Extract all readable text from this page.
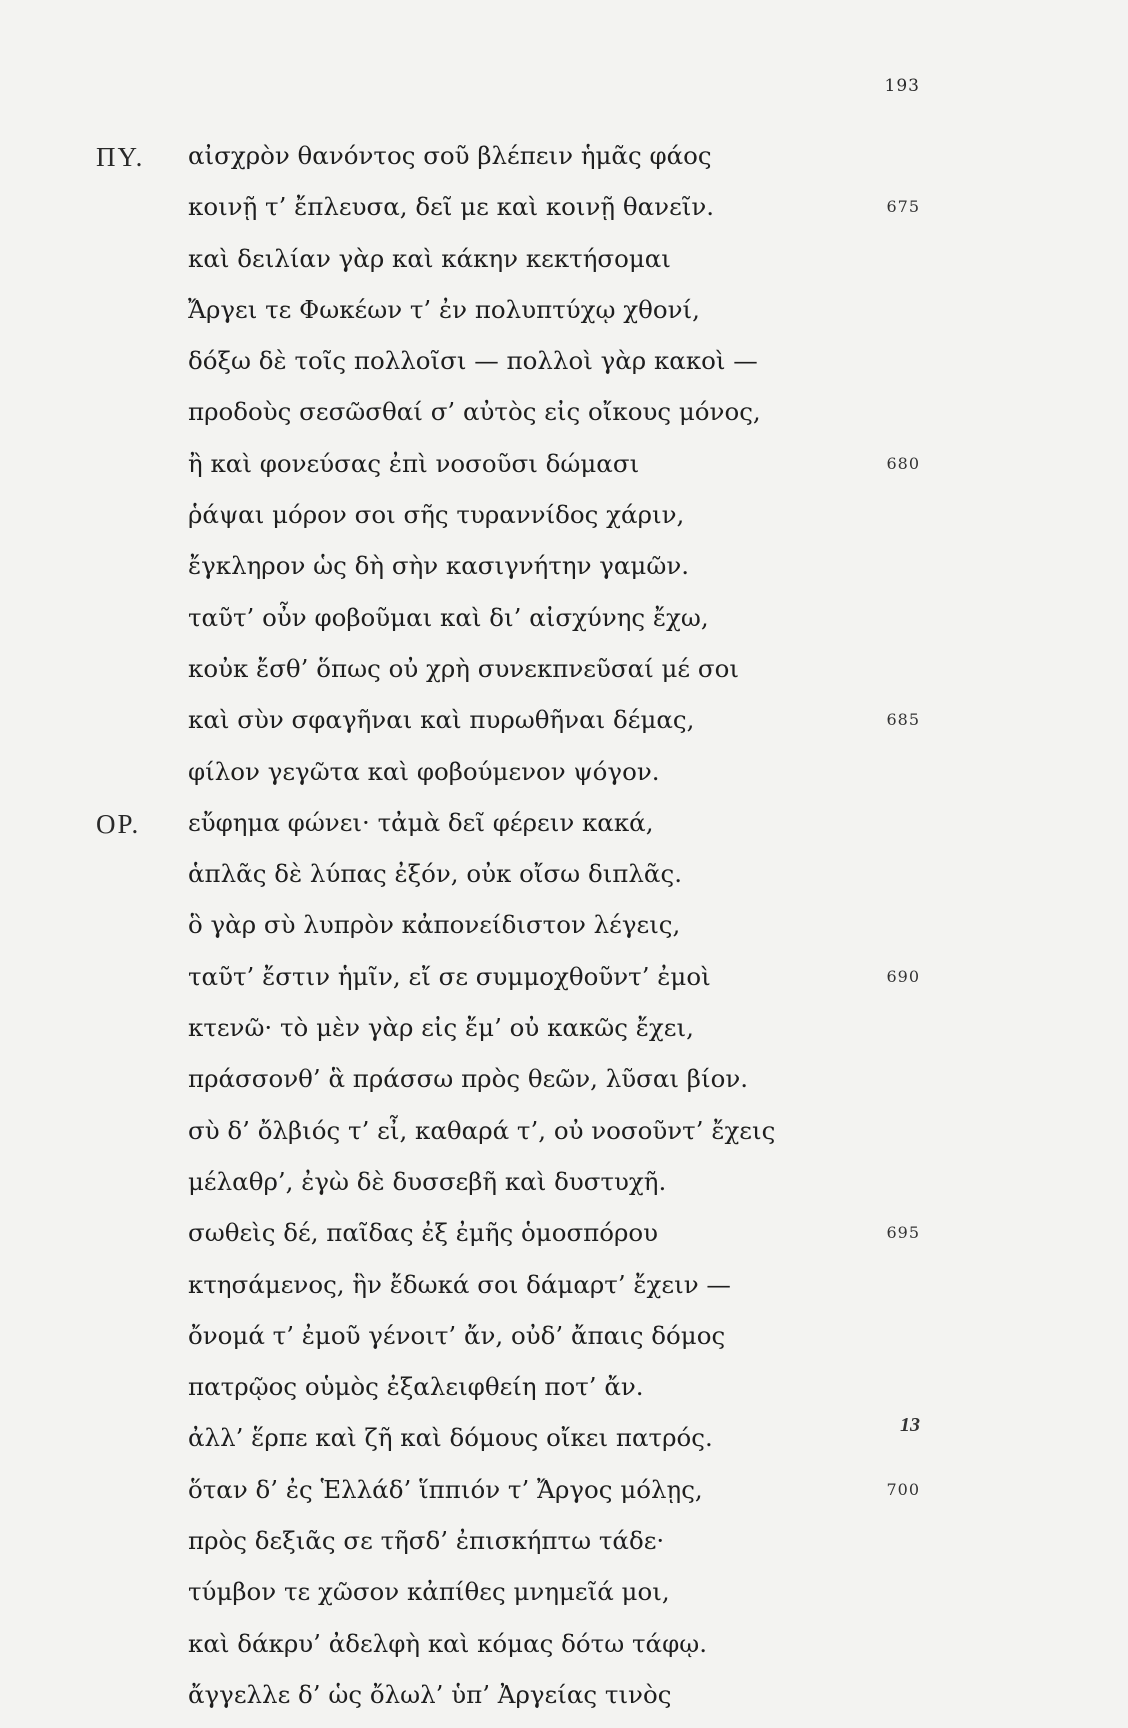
193
ΠΥ. αἰσχρὸν θανόντος σοῦ βλέπειν ἡμᾶς φάος
κοινῇ τ’ ἔπλευσα, δεῖ με καὶ κοινῇ θανεῖν.	675
καὶ δειλίαν γὰρ καὶ κάκην κεκτήσομαι
Ἄργει τε Φωκέων τ’ ἐν πολυπτύχῳ χθονί,
δόξω δὲ τοῖς πολλοῖσι — πολλοὶ γὰρ κακοὶ —
προδοὺς σεσῶσθαί σ’ αὐτὸς εἰς οἴκους μόνος,
ἢ καὶ φονεύσας ἐπὶ νοσοῦσι δώμασι	680
ῥάψαι μόρον σοι σῆς τυραννίδος χάριν,
ἔγκληρον ὡς δὴ σὴν κασιγνήτην γαμῶν.
ταῦτ’ οὖν φοβοῦμαι καὶ δι’ αἰσχύνης ἔχω,
κοὐκ ἔσθ’ ὅπως οὐ χρὴ συνεκπνεῦσαί μέ σοι
καὶ σὺν σφαγῆναι καὶ πυρωθῆναι δέμας,	685
φίλον γεγῶτα καὶ φοβούμενον ψόγον.
ΟΡ. εὔφημα φώνει· τἀμὰ δεῖ φέρειν κακά,
ἁπλᾶς δὲ λύπας ἐξόν, οὐκ οἴσω διπλᾶς.
ὃ γὰρ σὺ λυπρὸν κἀπονείδιστον λέγεις,
ταῦτ’ ἔστιν ἡμῖν, εἴ σε συμμοχθοῦντ’ ἐμοὶ	690
κτενῶ· τὸ μὲν γὰρ εἰς ἔμ’ οὐ κακῶς ἔχει,
πράσσονθ’ ἃ πράσσω πρὸς θεῶν, λῦσαι βίον.
σὺ δ’ ὄλβιός τ’ εἶ, καθαρά τ’, οὐ νοσοῦντ’ ἔχεις
μέλαθρ’, ἐγὼ δὲ δυσσεβῆ καὶ δυστυχῆ.
σωθεὶς δέ, παῖδας ἐξ ἐμῆς ὁμοσπόρου	695
κτησάμενος, ἣν ἔδωκά σοι δάμαρτ’ ἔχειν —
ὄνομά τ’ ἐμοῦ γένοιτ’ ἄν, οὐδ’ ἄπαις δόμος
πατρῷος οὑμὸς ἐξαλειφθείη ποτ’ ἄν.
ἀλλ’ ἕρπε καὶ ζῆ καὶ δόμους οἴκει πατρός.
ὅταν δ’ ἐς Ἑλλάδ’ ἵππιόν τ’ Ἄργος μόλῃς,	700
πρὸς δεξιᾶς σε τῆσδ’ ἐπισκήπτω τάδε·
τύμβον τε χῶσον κἀπίθες μνημεῖά μοι,
καὶ δάκρυ’ ἀδελφὴ καὶ κόμας δότω τάφῳ.
ἄγγελλε δ’ ὡς ὄλωλ’ ὑπ’ Ἀργείας τινὸς
13
